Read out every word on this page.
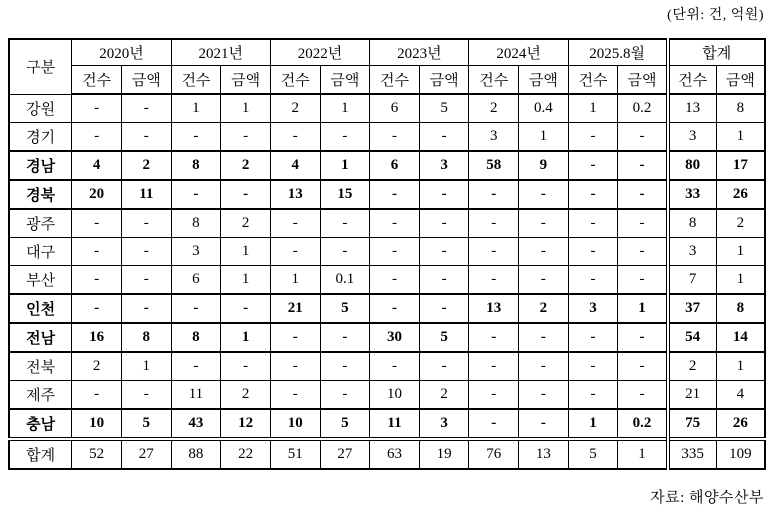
(단위: 건, 억원)
구분	2020년		2021년		2022년		2023년		2024년		2025.8월		합계	
	건수	금액	건수	금액	건수	금액	건수	금액	건수	금액	건수	금액	건수	금액
강원	-	-	1	1	2	1	6	5	2	0.4	1	0.2	13	8
경기	-	-	-	-	-	-	-	-	3	1	-	-	3	1
경남	4	2	8	2	4	1	6	3	58	9	-	-	80	17
경북	20	11	-	-	13	15	-	-	-	-	-	-	33	26
광주	-	-	8	2	-	-	-	-	-	-	-	-	8	2
대구	-	-	3	1	-	-	-	-	-	-	-	-	3	1
부산	-	-	6	1	1	0.1	-	-	-	-	-	-	7	1
인천	-	-	-	-	21	5	-	-	13	2	3	1	37	8
전남	16	8	8	1	-	-	30	5	-	-	-	-	54	14
전북	2	1	-	-	-	-	-	-	-	-	-	-	2	1
제주	-	-	11	2	-	-	10	2	-	-	-	-	21	4
충남	10	5	43	12	10	5	11	3	-	-	1	0.2	75	26
합계	52	27	88	22	51	27	63	19	76	13	5	1	335	109
자료: 해양수산부
